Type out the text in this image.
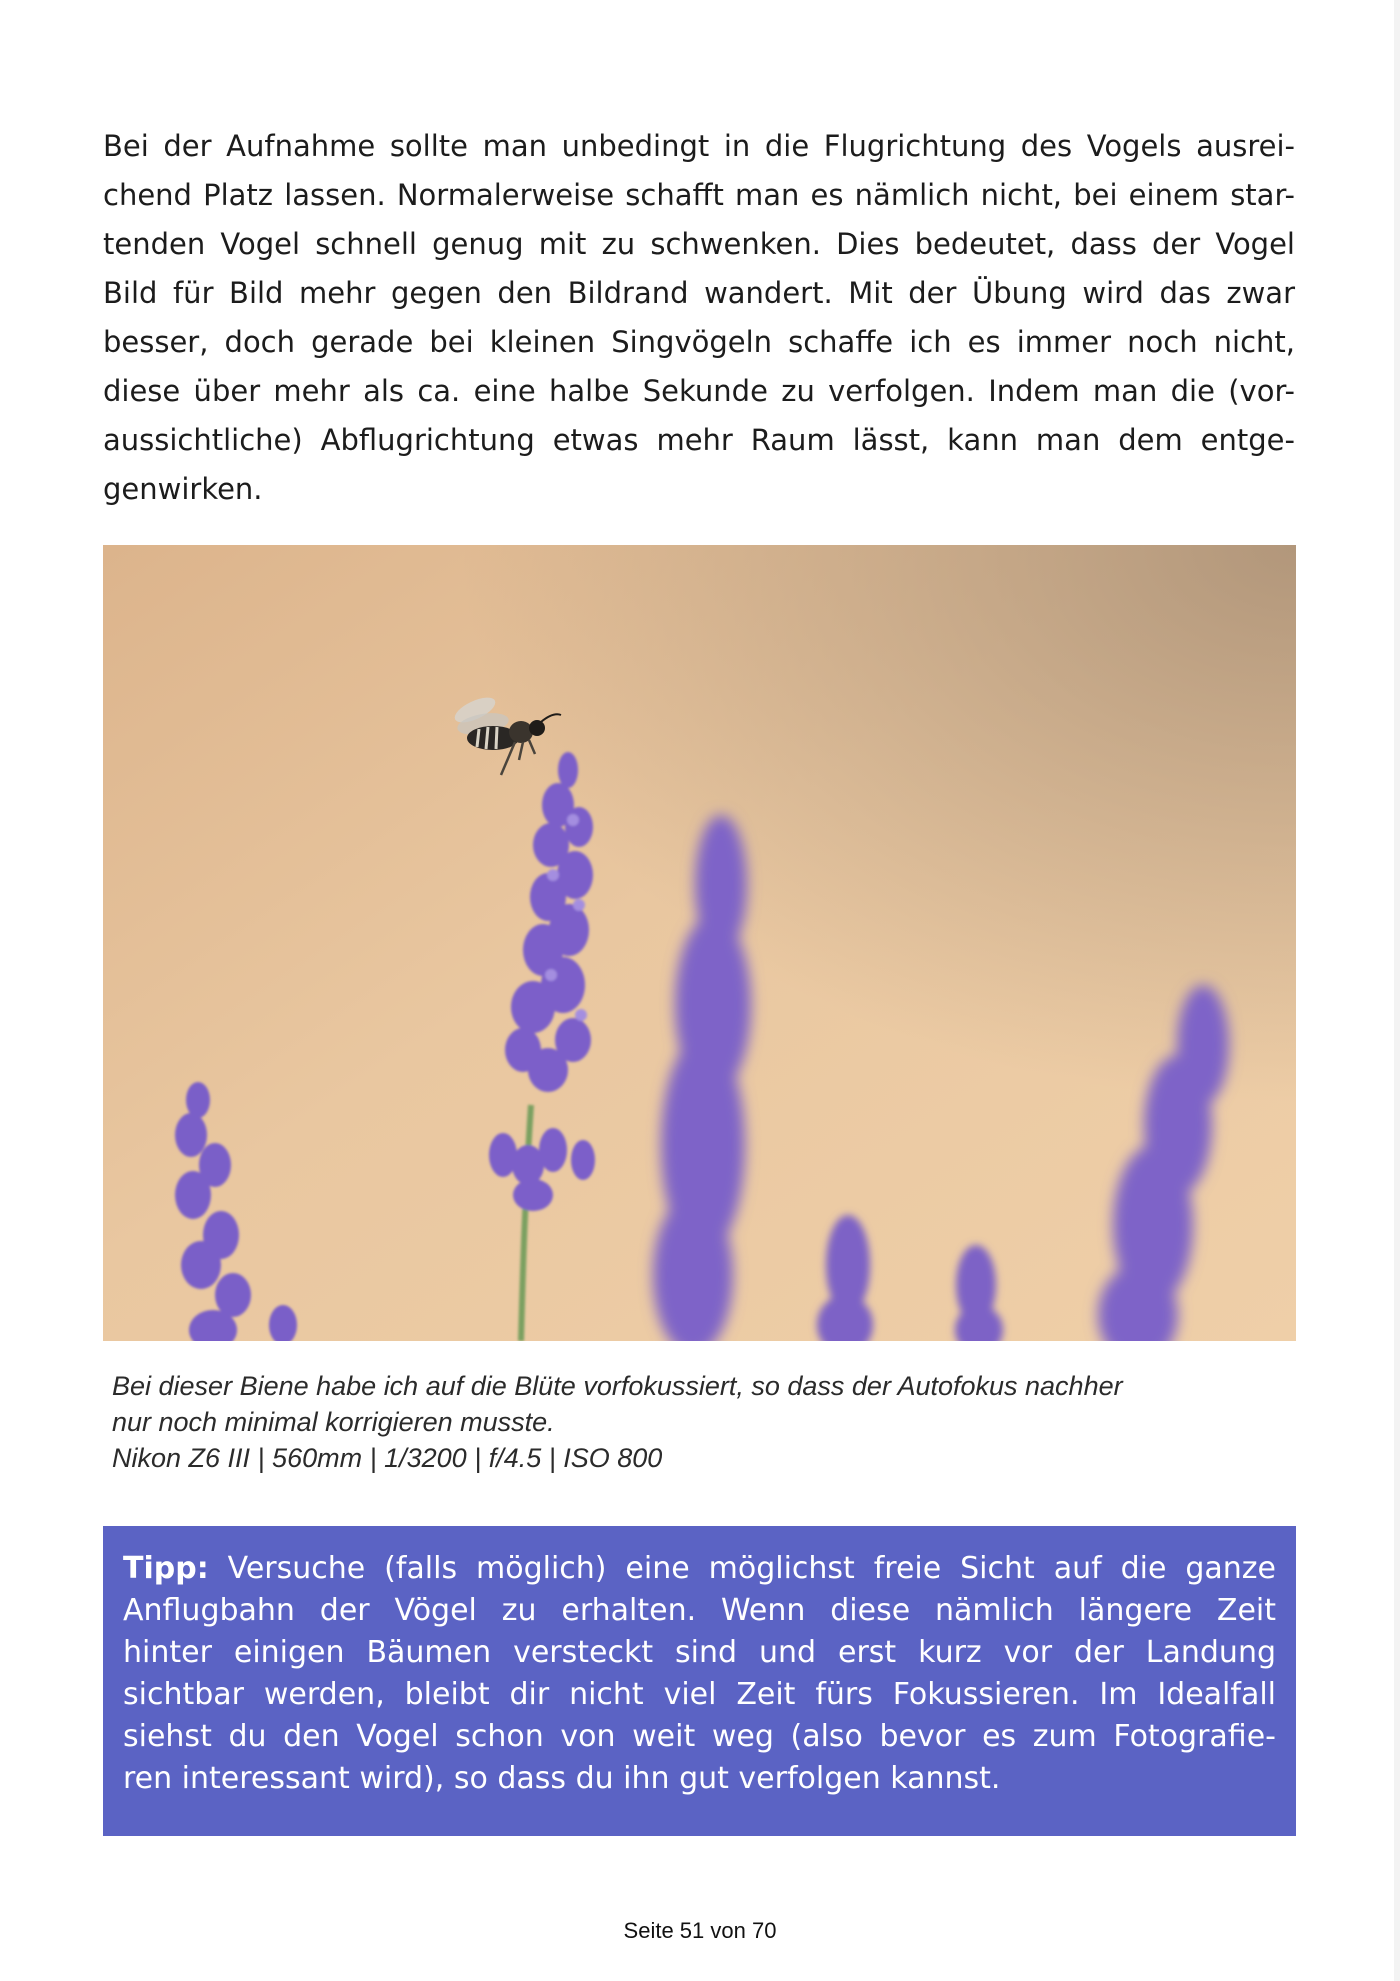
Bei der Aufnahme sollte man unbedingt in die Flugrichtung des Vogels ausrei-
chend Platz lassen. Normalerweise schafft man es nämlich nicht, bei einem star-
tenden Vogel schnell genug mit zu schwenken. Dies bedeutet, dass der Vogel
Bild für Bild mehr gegen den Bildrand wandert. Mit der Übung wird das zwar
besser, doch gerade bei kleinen Singvögeln schaffe ich es immer noch nicht,
diese über mehr als ca. eine halbe Sekunde zu verfolgen. Indem man die (vor-
aussichtliche) Abflugrichtung etwas mehr Raum lässt, kann man dem entge-
genwirken.
Bei dieser Biene habe ich auf die Blüte vorfokussiert, so dass der Autofokus nachher
nur noch minimal korrigieren musste.
Nikon Z6 III | 560mm | 1/3200 | f/4.5 | ISO 800
Tipp: Versuche (falls möglich) eine möglichst freie Sicht auf die ganze
Anflugbahn der Vögel zu erhalten. Wenn diese nämlich längere Zeit
hinter einigen Bäumen versteckt sind und erst kurz vor der Landung
sichtbar werden, bleibt dir nicht viel Zeit fürs Fokussieren. Im Idealfall
siehst du den Vogel schon von weit weg (also bevor es zum Fotografie-
ren interessant wird), so dass du ihn gut verfolgen kannst.
Seite 51 von 70
